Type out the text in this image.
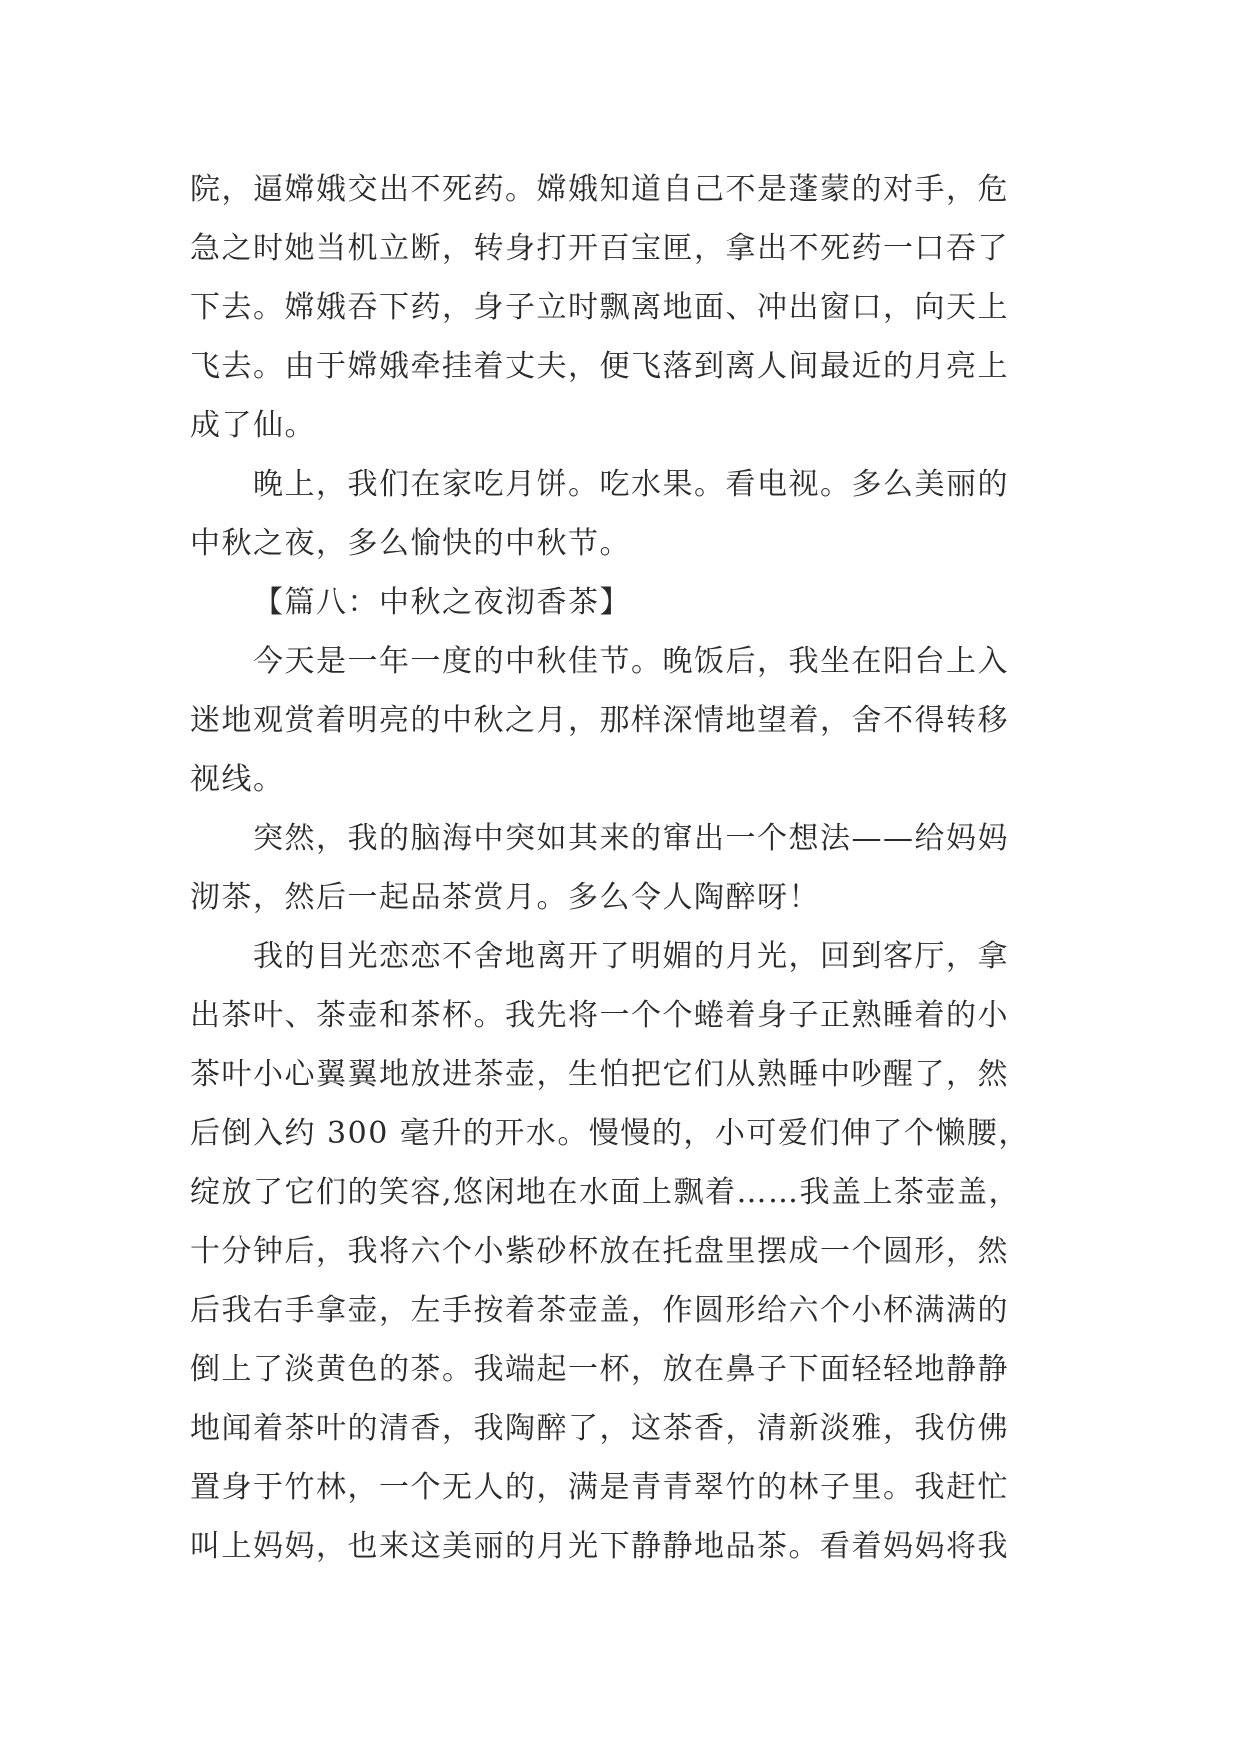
院，逼嫦娥交出不死药。嫦娥知道自己不是蓬蒙的对手，危
急之时她当机立断，转身打开百宝匣，拿出不死药一口吞了
下去。嫦娥吞下药，身子立时飘离地面、冲出窗口，向天上
飞去。由于嫦娥牵挂着丈夫，便飞落到离人间最近的月亮上
成了仙。
晚上，我们在家吃月饼。吃水果。看电视。多么美丽的
中秋之夜，多么愉快的中秋节。
【篇八：中秋之夜沏香茶】
今天是一年一度的中秋佳节。晚饭后，我坐在阳台上入
迷地观赏着明亮的中秋之月，那样深情地望着，舍不得转移
视线。
突然，我的脑海中突如其来的窜出一个想法——给妈妈
沏茶，然后一起品茶赏月。多么令人陶醉呀！
我的目光恋恋不舍地离开了明媚的月光，回到客厅，拿
出茶叶、茶壶和茶杯。我先将一个个蜷着身子正熟睡着的小
茶叶小心翼翼地放进茶壶，生怕把它们从熟睡中吵醒了，然
后倒入约 300 毫升的开水。慢慢的，小可爱们伸了个懒腰，
绽放了它们的笑容,悠闲地在水面上飘着……我盖上茶壶盖，
十分钟后，我将六个小紫砂杯放在托盘里摆成一个圆形，然
后我右手拿壶，左手按着茶壶盖，作圆形给六个小杯满满的
倒上了淡黄色的茶。我端起一杯，放在鼻子下面轻轻地静静
地闻着茶叶的清香，我陶醉了，这茶香，清新淡雅，我仿佛
置身于竹林，一个无人的，满是青青翠竹的林子里。我赶忙
叫上妈妈，也来这美丽的月光下静静地品茶。看着妈妈将我
